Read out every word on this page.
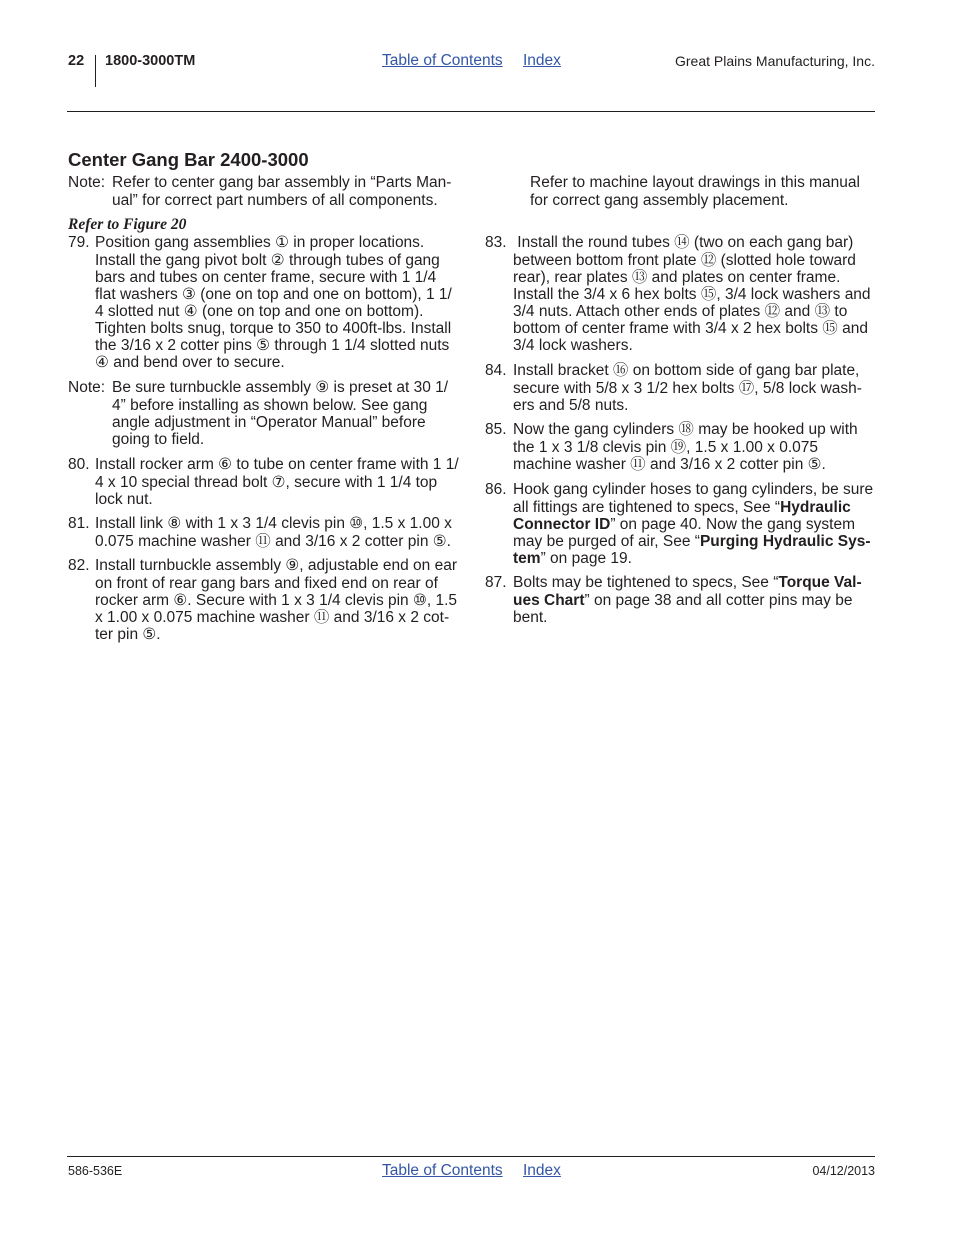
22 1800-3000TM	Table of Contents Index	Great Plains Manufacturing, Inc.
Center Gang Bar 2400-3000

Note:

Refer to center gang bar assembly in “Parts Man-
ual” for correct part numbers of all components.

Refer to Figure 20

79.

Position gang assemblies ① in proper locations.
Install the gang pivot bolt ② through tubes of gang
bars and tubes on center frame, secure with 1 1/4
flat washers ③ (one on top and one on bottom), 1 1/
4 slotted nut ④ (one on top and one on bottom).
Tighten bolts snug, torque to 350 to 400ft-lbs. Install
the 3/16 x 2 cotter pins ⑤ through 1 1/4 slotted nuts
④ and bend over to secure.

Note:

Be sure turnbuckle assembly ⑨ is preset at 30 1/
4” before installing as shown below. See gang
angle adjustment in “Operator Manual” before
going to field.

80.

Install rocker arm ⑥ to tube on center frame with 1 1/
4 x 10 special thread bolt ⑦, secure with 1 1/4 top
lock nut.

81.

Install link ⑧ with 1 x 3 1/4 clevis pin ⑩, 1.5 x 1.00 x
0.075 machine washer ⑪ and 3/16 x 2 cotter pin ⑤.

82.

Install turnbuckle assembly ⑨, adjustable end on ear
on front of rear gang bars and fixed end on rear of
rocker arm ⑥. Secure with 1 x 3 1/4 clevis pin ⑩, 1.5
x 1.00 x 0.075 machine washer ⑪ and 3/16 x 2 cot-
ter pin ⑤.

Refer to machine layout drawings in this manual
for correct gang assembly placement.

83.

Install the round tubes ⑭ (two on each gang bar)
between bottom front plate ⑫ (slotted hole toward
rear), rear plates ⑬ and plates on center frame.
Install the 3/4 x 6 hex bolts ⑮, 3/4 lock washers and
3/4 nuts. Attach other ends of plates ⑫ and ⑬ to
bottom of center frame with 3/4 x 2 hex bolts ⑮ and
3/4 lock washers.

84.

Install bracket ⑯ on bottom side of gang bar plate,
secure with 5/8 x 3 1/2 hex bolts ⑰, 5/8 lock wash-
ers and 5/8 nuts.

85.

Now the gang cylinders ⑱ may be hooked up with
the 1 x 3 1/8 clevis pin ⑲, 1.5 x 1.00 x 0.075
machine washer ⑪ and 3/16 x 2 cotter pin ⑤.

86.

Hook gang cylinder hoses to gang cylinders, be sure
all fittings are tightened to specs, See “Hydraulic
Connector ID” on page 40. Now the gang system
may be purged of air, See “Purging Hydraulic Sys-
tem” on page 19.

87.

Bolts may be tightened to specs, See “Torque Val-
ues Chart” on page 38 and all cotter pins may be
bent.

586-536E	Table of Contents Index	04/12/2013
